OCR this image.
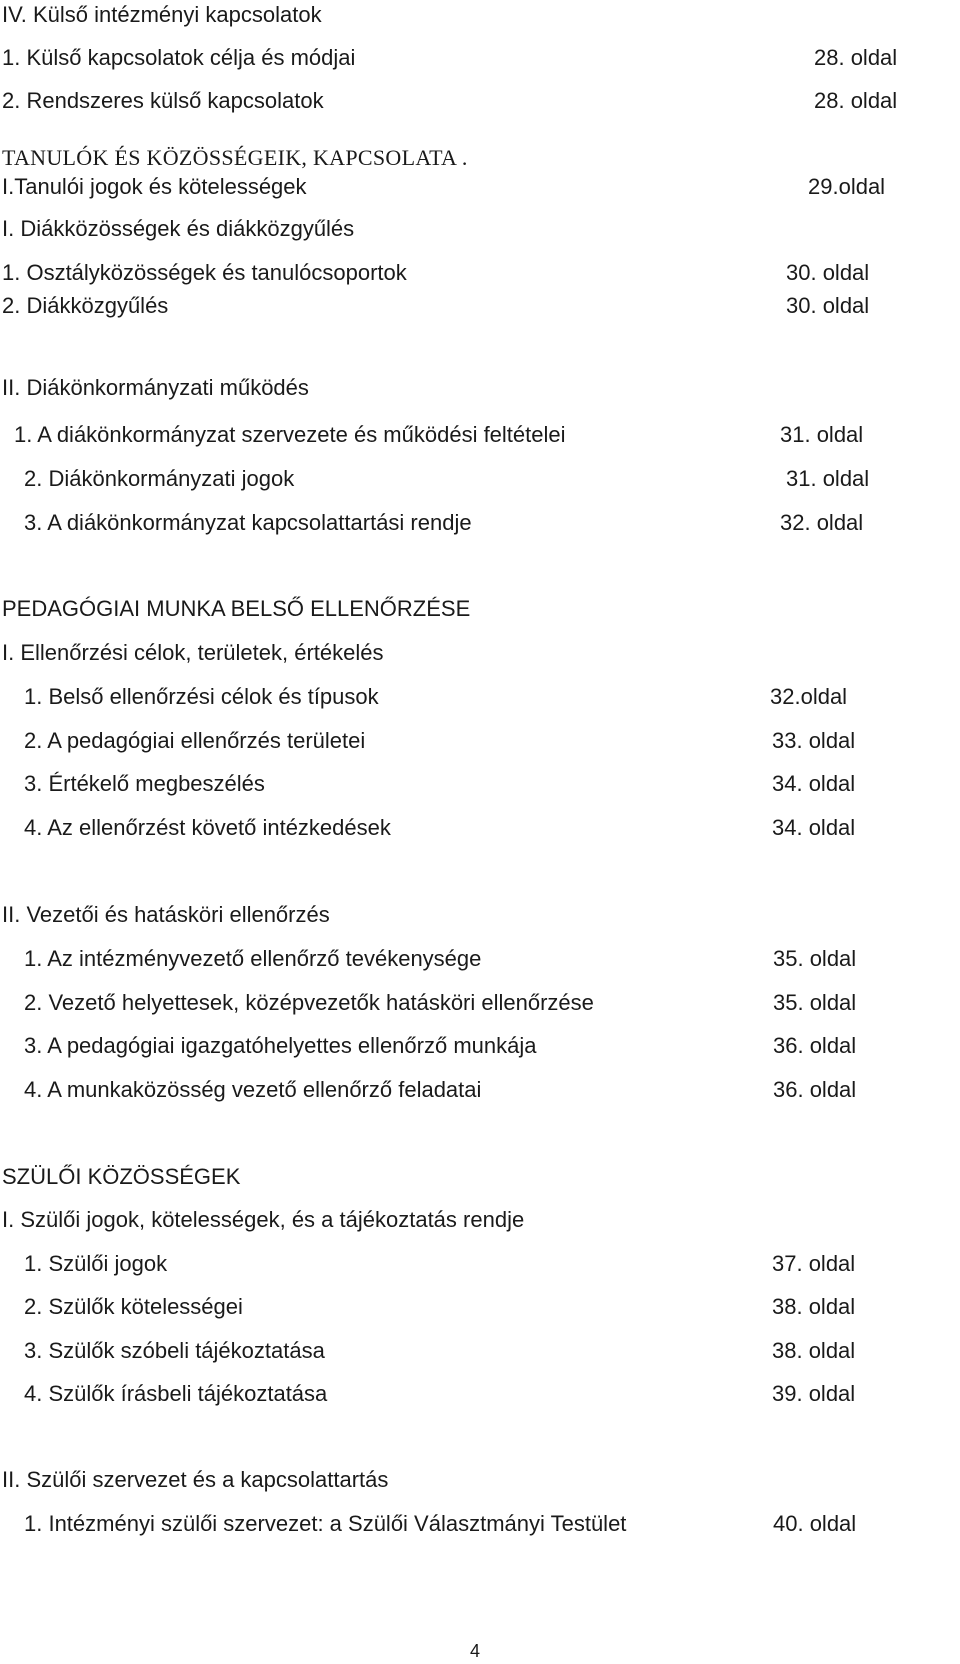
IV. Külső intézményi kapcsolatok
1. Külső kapcsolatok célja és módjai	28. oldal
2. Rendszeres külső kapcsolatok	28. oldal
TANULÓK ÉS KÖZÖSSÉGEIK, KAPCSOLATA .
I.Tanulói jogok és kötelességek	29.oldal
I. Diákközösségek és diákközgyűlés
1. Osztályközösségek és tanulócsoportok	30. oldal
2. Diákközgyűlés	30. oldal
II. Diákönkormányzati működés
1. A diákönkormányzat szervezete és működési feltételei	31. oldal
2. Diákönkormányzati jogok	31. oldal
3. A diákönkormányzat kapcsolattartási rendje	32. oldal
PEDAGÓGIAI MUNKA BELSŐ ELLENŐRZÉSE
I. Ellenőrzési célok, területek, értékelés
1. Belső ellenőrzési célok és típusok	32.oldal
2. A pedagógiai ellenőrzés területei	33. oldal
3. Értékelő megbeszélés	34. oldal
4. Az ellenőrzést követő intézkedések	34. oldal
II. Vezetői és hatásköri ellenőrzés
1. Az intézményvezető ellenőrző tevékenysége	35. oldal
2. Vezető helyettesek, középvezetők hatásköri ellenőrzése	35. oldal
3. A pedagógiai igazgatóhelyettes ellenőrző munkája	36. oldal
4. A munkaközösség vezető ellenőrző feladatai	36. oldal
SZÜLŐI KÖZÖSSÉGEK
I. Szülői jogok, kötelességek, és a tájékoztatás rendje
1. Szülői jogok	37. oldal
2. Szülők kötelességei	38. oldal
3. Szülők szóbeli tájékoztatása	38. oldal
4. Szülők írásbeli tájékoztatása	39. oldal
II. Szülői szervezet és a kapcsolattartás
1. Intézményi szülői szervezet: a Szülői Választmányi Testület	40. oldal
4
